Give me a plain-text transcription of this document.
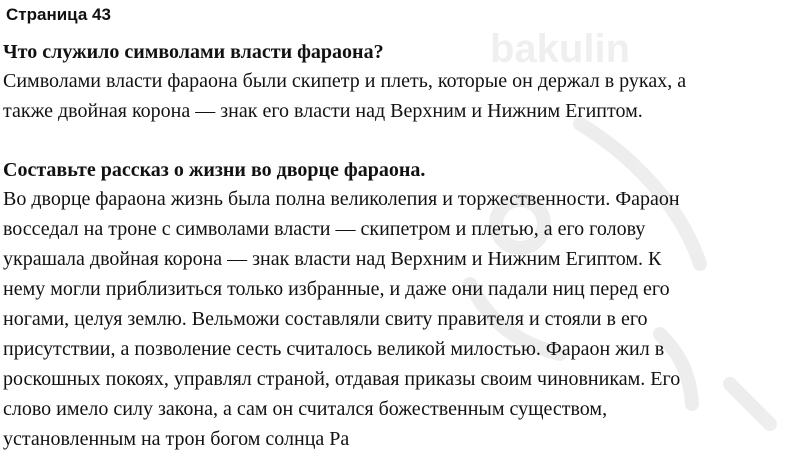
bakulin
Страница 43

Что служило символами власти фараона?

Символами власти фараона были скипетр и плеть, которые он держал в руках, а

также двойная корона — знак его власти над Верхним и Нижним Египтом.

Составьте рассказ о жизни во дворце фараона.

Во дворце фараона жизнь была полна великолепия и торжественности. Фараон

восседал на троне с символами власти — скипетром и плетью, а его голову

украшала двойная корона — знак власти над Верхним и Нижним Египтом. К

нему могли приблизиться только избранные, и даже они падали ниц перед его

ногами, целуя землю. Вельможи составляли свиту правителя и стояли в его

присутствии, а позволение сесть считалось великой милостью. Фараон жил в

роскошных покоях, управлял страной, отдавая приказы своим чиновникам. Его

слово имело силу закона, а сам он считался божественным существом,

установленным на трон богом солнца Ра
